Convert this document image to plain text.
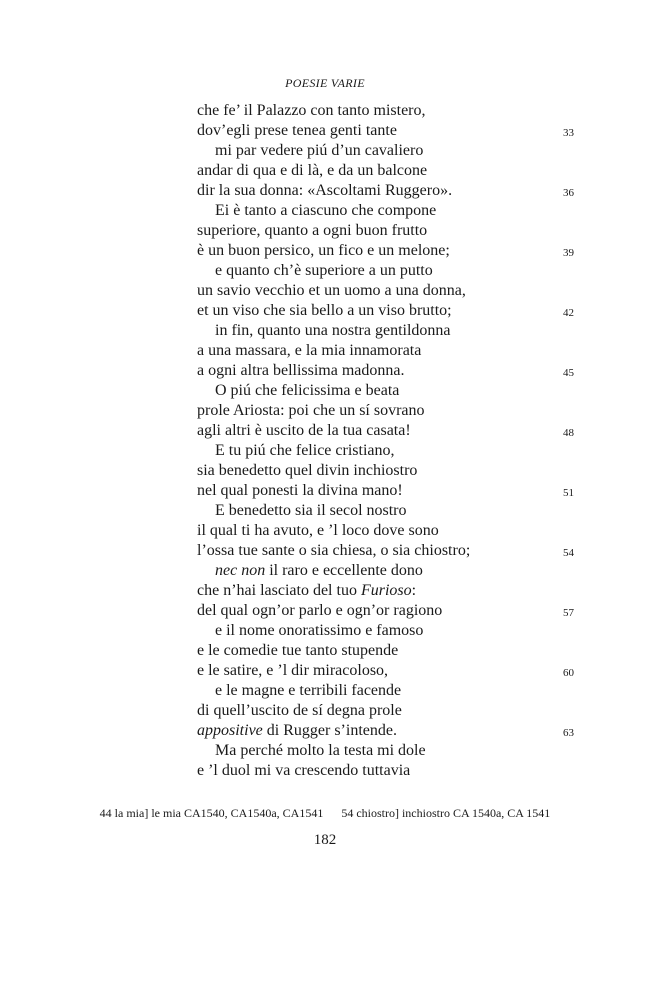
POESIE VARIE
che fe’ il Palazzo con tanto mistero,
dov’egli prese tenea genti tante	33
mi par vedere piú d’un cavaliero
andar di qua e di là, e da un balcone
dir la sua donna: «Ascoltami Ruggero».	36
Ei è tanto a ciascuno che compone
superiore, quanto a ogni buon frutto
è un buon persico, un fico e un melone;	39
e quanto ch’è superiore a un putto
un savio vecchio et un uomo a una donna,
et un viso che sia bello a un viso brutto;	42
in fin, quanto una nostra gentildonna
a una massara, e la mia innamorata
a ogni altra bellissima madonna.	45
O piú che felicissima e beata
prole Ariosta: poi che un sí sovrano
agli altri è uscito de la tua casata!	48
E tu piú che felice cristiano,
sia benedetto quel divin inchiostro
nel qual ponesti la divina mano!	51
E benedetto sia il secol nostro
il qual ti ha avuto, e ’l loco dove sono
l’ossa tue sante o sia chiesa, o sia chiostro;	54
nec non il raro e eccellente dono
che n’hai lasciato del tuo Furioso:
del qual ogn’or parlo e ogn’or ragiono	57
e il nome onoratissimo e famoso
e le comedie tue tanto stupende
e le satire, e ’l dir miracoloso,	60
e le magne e terribili facende
di quell’uscito de sí degna prole
appositive di Rugger s’intende.	63
Ma perché molto la testa mi dole
e ’l duol mi va crescendo tuttavia
44 la mia] le mia CA1540, CA1540a, CA1541 54 chiostro] inchiostro CA 1540a, CA 1541
182
